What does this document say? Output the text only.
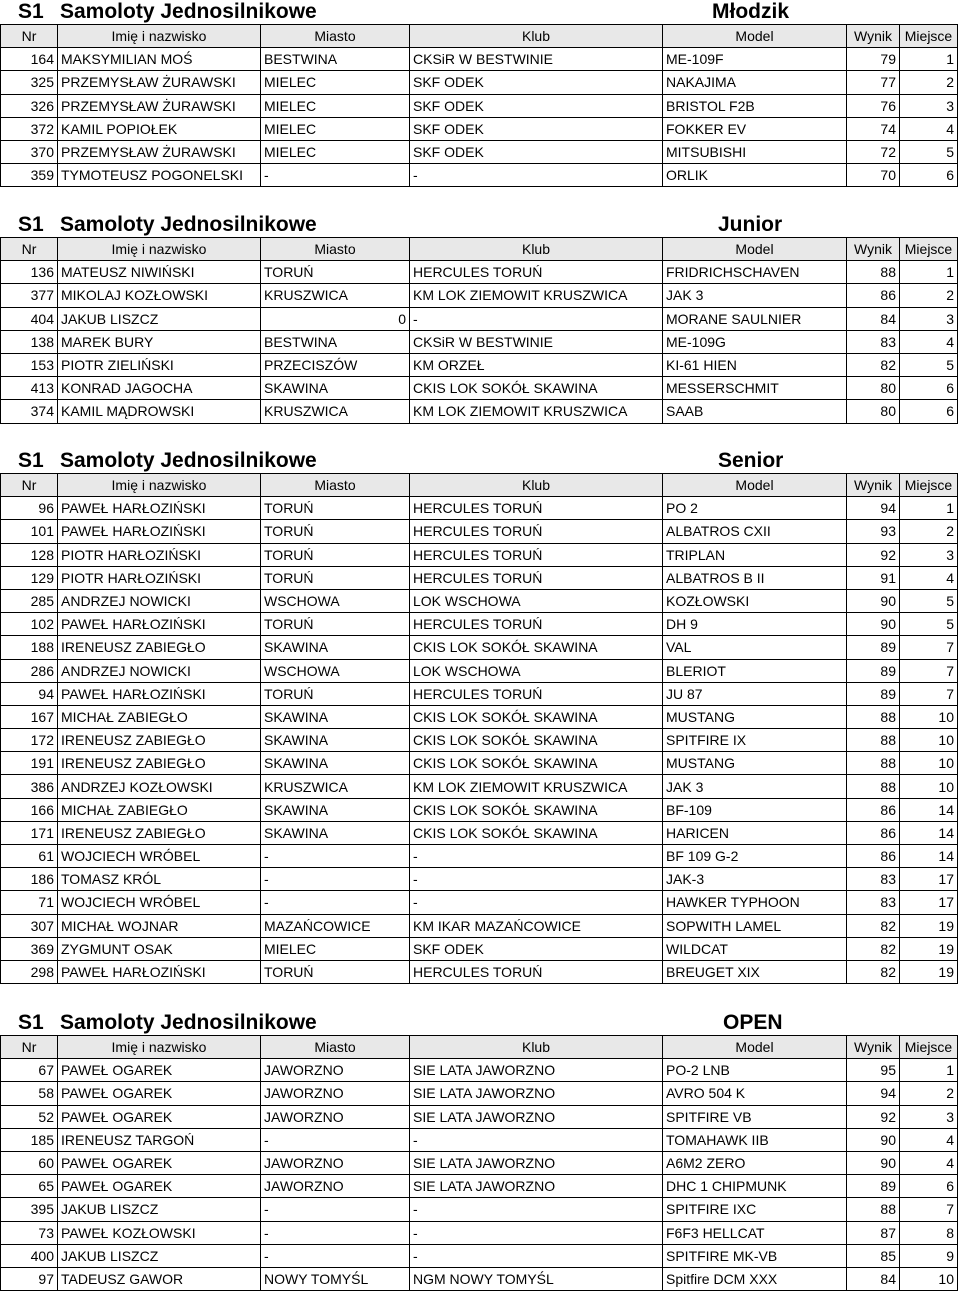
S1 Samoloty Jednosilnikowe	Młodzik
Nr	Imię i nazwisko	Miasto	Klub	Model	Wynik	Miejsce
164	MAKSYMILIAN MOŚ	BESTWINA	CKSiR W BESTWINIE	ME-109F	79	1
325	PRZEMYSŁAW ŻURAWSKI	MIELEC	SKF ODEK	NAKAJIMA	77	2
326	PRZEMYSŁAW ŻURAWSKI	MIELEC	SKF ODEK	BRISTOL F2B	76	3
372	KAMIL POPIOŁEK	MIELEC	SKF ODEK	FOKKER EV	74	4
370	PRZEMYSŁAW ŻURAWSKI	MIELEC	SKF ODEK	MITSUBISHI	72	5
359	TYMOTEUSZ POGONELSKI	-	-	ORLIK	70	6
S1 Samoloty Jednosilnikowe	Junior
Nr	Imię i nazwisko	Miasto	Klub	Model	Wynik	Miejsce
136	MATEUSZ NIWIŃSKI	TORUŃ	HERCULES TORUŃ	FRIDRICHSCHAVEN	88	1
377	MIKOLAJ KOZŁOWSKI	KRUSZWICA	KM LOK ZIEMOWIT KRUSZWICA	JAK 3	86	2
404	JAKUB LISZCZ	0	-	MORANE SAULNIER	84	3
138	MAREK BURY	BESTWINA	CKSiR W BESTWINIE	ME-109G	83	4
153	PIOTR ZIELIŃSKI	PRZECISZÓW	KM ORZEŁ	KI-61 HIEN	82	5
413	KONRAD JAGOCHA	SKAWINA	CKIS LOK SOKÓŁ SKAWINA	MESSERSCHMIT	80	6
374	KAMIL MĄDROWSKI	KRUSZWICA	KM LOK ZIEMOWIT KRUSZWICA	SAAB	80	6
S1 Samoloty Jednosilnikowe	Senior
Nr	Imię i nazwisko	Miasto	Klub	Model	Wynik	Miejsce
96	PAWEŁ HARŁOZIŃSKI	TORUŃ	HERCULES TORUŃ	PO 2	94	1
101	PAWEŁ HARŁOZIŃSKI	TORUŃ	HERCULES TORUŃ	ALBATROS CXII	93	2
128	PIOTR HARŁOZIŃSKI	TORUŃ	HERCULES TORUŃ	TRIPLAN	92	3
129	PIOTR HARŁOZIŃSKI	TORUŃ	HERCULES TORUŃ	ALBATROS B II	91	4
285	ANDRZEJ NOWICKI	WSCHOWA	LOK WSCHOWA	KOZŁOWSKI	90	5
102	PAWEŁ HARŁOZIŃSKI	TORUŃ	HERCULES TORUŃ	DH 9	90	5
188	IRENEUSZ ZABIEGŁO	SKAWINA	CKIS LOK SOKÓŁ SKAWINA	VAL	89	7
286	ANDRZEJ NOWICKI	WSCHOWA	LOK WSCHOWA	BLERIOT	89	7
94	PAWEŁ HARŁOZIŃSKI	TORUŃ	HERCULES TORUŃ	JU 87	89	7
167	MICHAŁ ZABIEGŁO	SKAWINA	CKIS LOK SOKÓŁ SKAWINA	MUSTANG	88	10
172	IRENEUSZ ZABIEGŁO	SKAWINA	CKIS LOK SOKÓŁ SKAWINA	SPITFIRE IX	88	10
191	IRENEUSZ ZABIEGŁO	SKAWINA	CKIS LOK SOKÓŁ SKAWINA	MUSTANG	88	10
386	ANDRZEJ KOZŁOWSKI	KRUSZWICA	KM LOK ZIEMOWIT KRUSZWICA	JAK 3	88	10
166	MICHAŁ ZABIEGŁO	SKAWINA	CKIS LOK SOKÓŁ SKAWINA	BF-109	86	14
171	IRENEUSZ ZABIEGŁO	SKAWINA	CKIS LOK SOKÓŁ SKAWINA	HARICEN	86	14
61	WOJCIECH WRÓBEL	-	-	BF 109 G-2	86	14
186	TOMASZ KRÓL	-	-	JAK-3	83	17
71	WOJCIECH WRÓBEL	-	-	HAWKER TYPHOON	83	17
307	MICHAŁ WOJNAR	MAZAŃCOWICE	KM IKAR MAZAŃCOWICE	SOPWITH LAMEL	82	19
369	ZYGMUNT OSAK	MIELEC	SKF ODEK	WILDCAT	82	19
298	PAWEŁ HARŁOZIŃSKI	TORUŃ	HERCULES TORUŃ	BREUGET XIX	82	19
S1 Samoloty Jednosilnikowe	OPEN
Nr	Imię i nazwisko	Miasto	Klub	Model	Wynik	Miejsce
67	PAWEŁ OGAREK	JAWORZNO	SIE LATA JAWORZNO	PO-2 LNB	95	1
58	PAWEŁ OGAREK	JAWORZNO	SIE LATA JAWORZNO	AVRO 504 K	94	2
52	PAWEŁ OGAREK	JAWORZNO	SIE LATA JAWORZNO	SPITFIRE VB	92	3
185	IRENEUSZ TARGOŃ	-	-	TOMAHAWK IIB	90	4
60	PAWEŁ OGAREK	JAWORZNO	SIE LATA JAWORZNO	A6M2 ZERO	90	4
65	PAWEŁ OGAREK	JAWORZNO	SIE LATA JAWORZNO	DHC 1 CHIPMUNK	89	6
395	JAKUB LISZCZ	-	-	SPITFIRE IXC	88	7
73	PAWEŁ KOZŁOWSKI	-	-	F6F3 HELLCAT	87	8
400	JAKUB LISZCZ	-	-	SPITFIRE MK-VB	85	9
97	TADEUSZ GAWOR	NOWY TOMYŚL	NGM NOWY TOMYŚL	Spitfire DCM XXX	84	10
